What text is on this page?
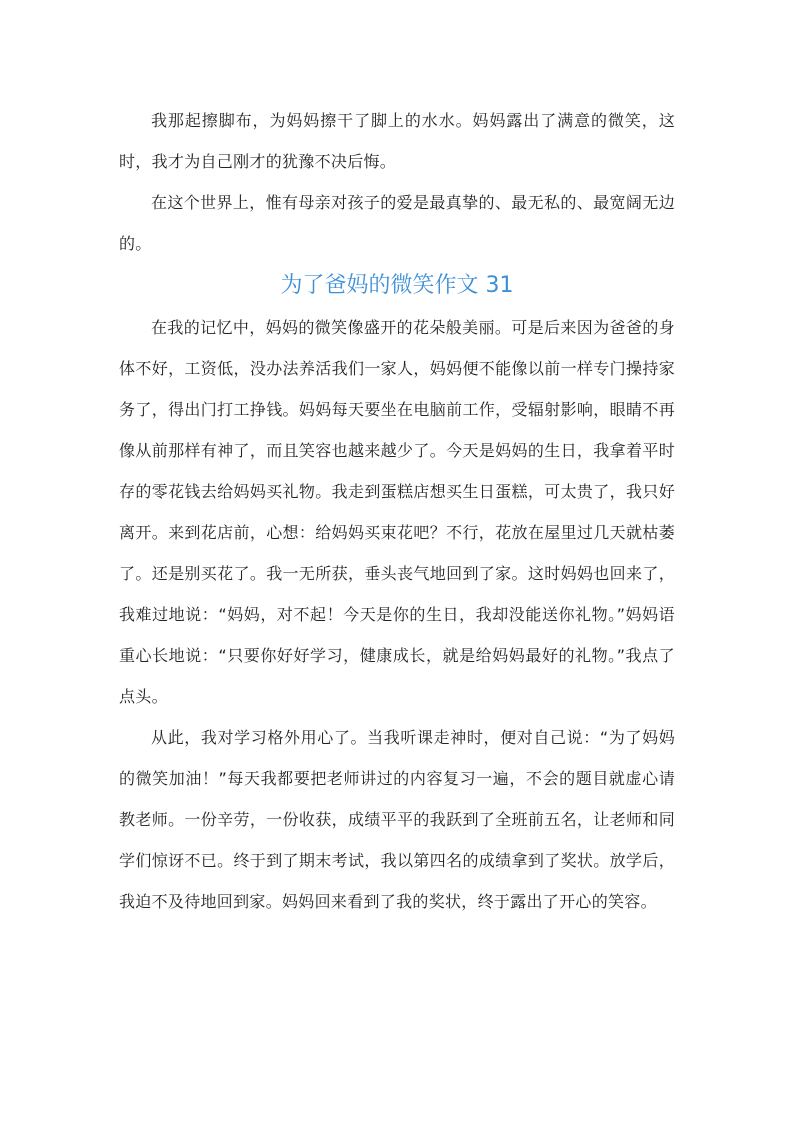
我那起擦脚布，为妈妈擦干了脚上的水水。妈妈露出了满意的微笑，这时，我才为自己刚才的犹豫不决后悔。

在这个世界上，惟有母亲对孩子的爱是最真挚的、最无私的、最宽阔无边的。

为了爸妈的微笑作文 31

在我的记忆中，妈妈的微笑像盛开的花朵般美丽。可是后来因为爸爸的身体不好，工资低，没办法养活我们一家人，妈妈便不能像以前一样专门操持家务了，得出门打工挣钱。妈妈每天要坐在电脑前工作，受辐射影响，眼睛不再像从前那样有神了，而且笑容也越来越少了。今天是妈妈的生日，我拿着平时存的零花钱去给妈妈买礼物。我走到蛋糕店想买生日蛋糕，可太贵了，我只好离开。来到花店前，心想：给妈妈买束花吧？不行，花放在屋里过几天就枯萎了。还是别买花了。我一无所获，垂头丧气地回到了家。这时妈妈也回来了，我难过地说：“妈妈，对不起！今天是你的生日，我却没能送你礼物。”妈妈语重心长地说：“只要你好好学习，健康成长，就是给妈妈最好的礼物。”我点了点头。

从此，我对学习格外用心了。当我听课走神时，便对自己说：“为了妈妈的微笑加油！”每天我都要把老师讲过的内容复习一遍，不会的题目就虚心请教老师。一份辛劳，一份收获，成绩平平的我跃到了全班前五名，让老师和同学们惊讶不已。终于到了期末考试，我以第四名的成绩拿到了奖状。放学后，我迫不及待地回到家。妈妈回来看到了我的奖状，终于露出了开心的笑容。
